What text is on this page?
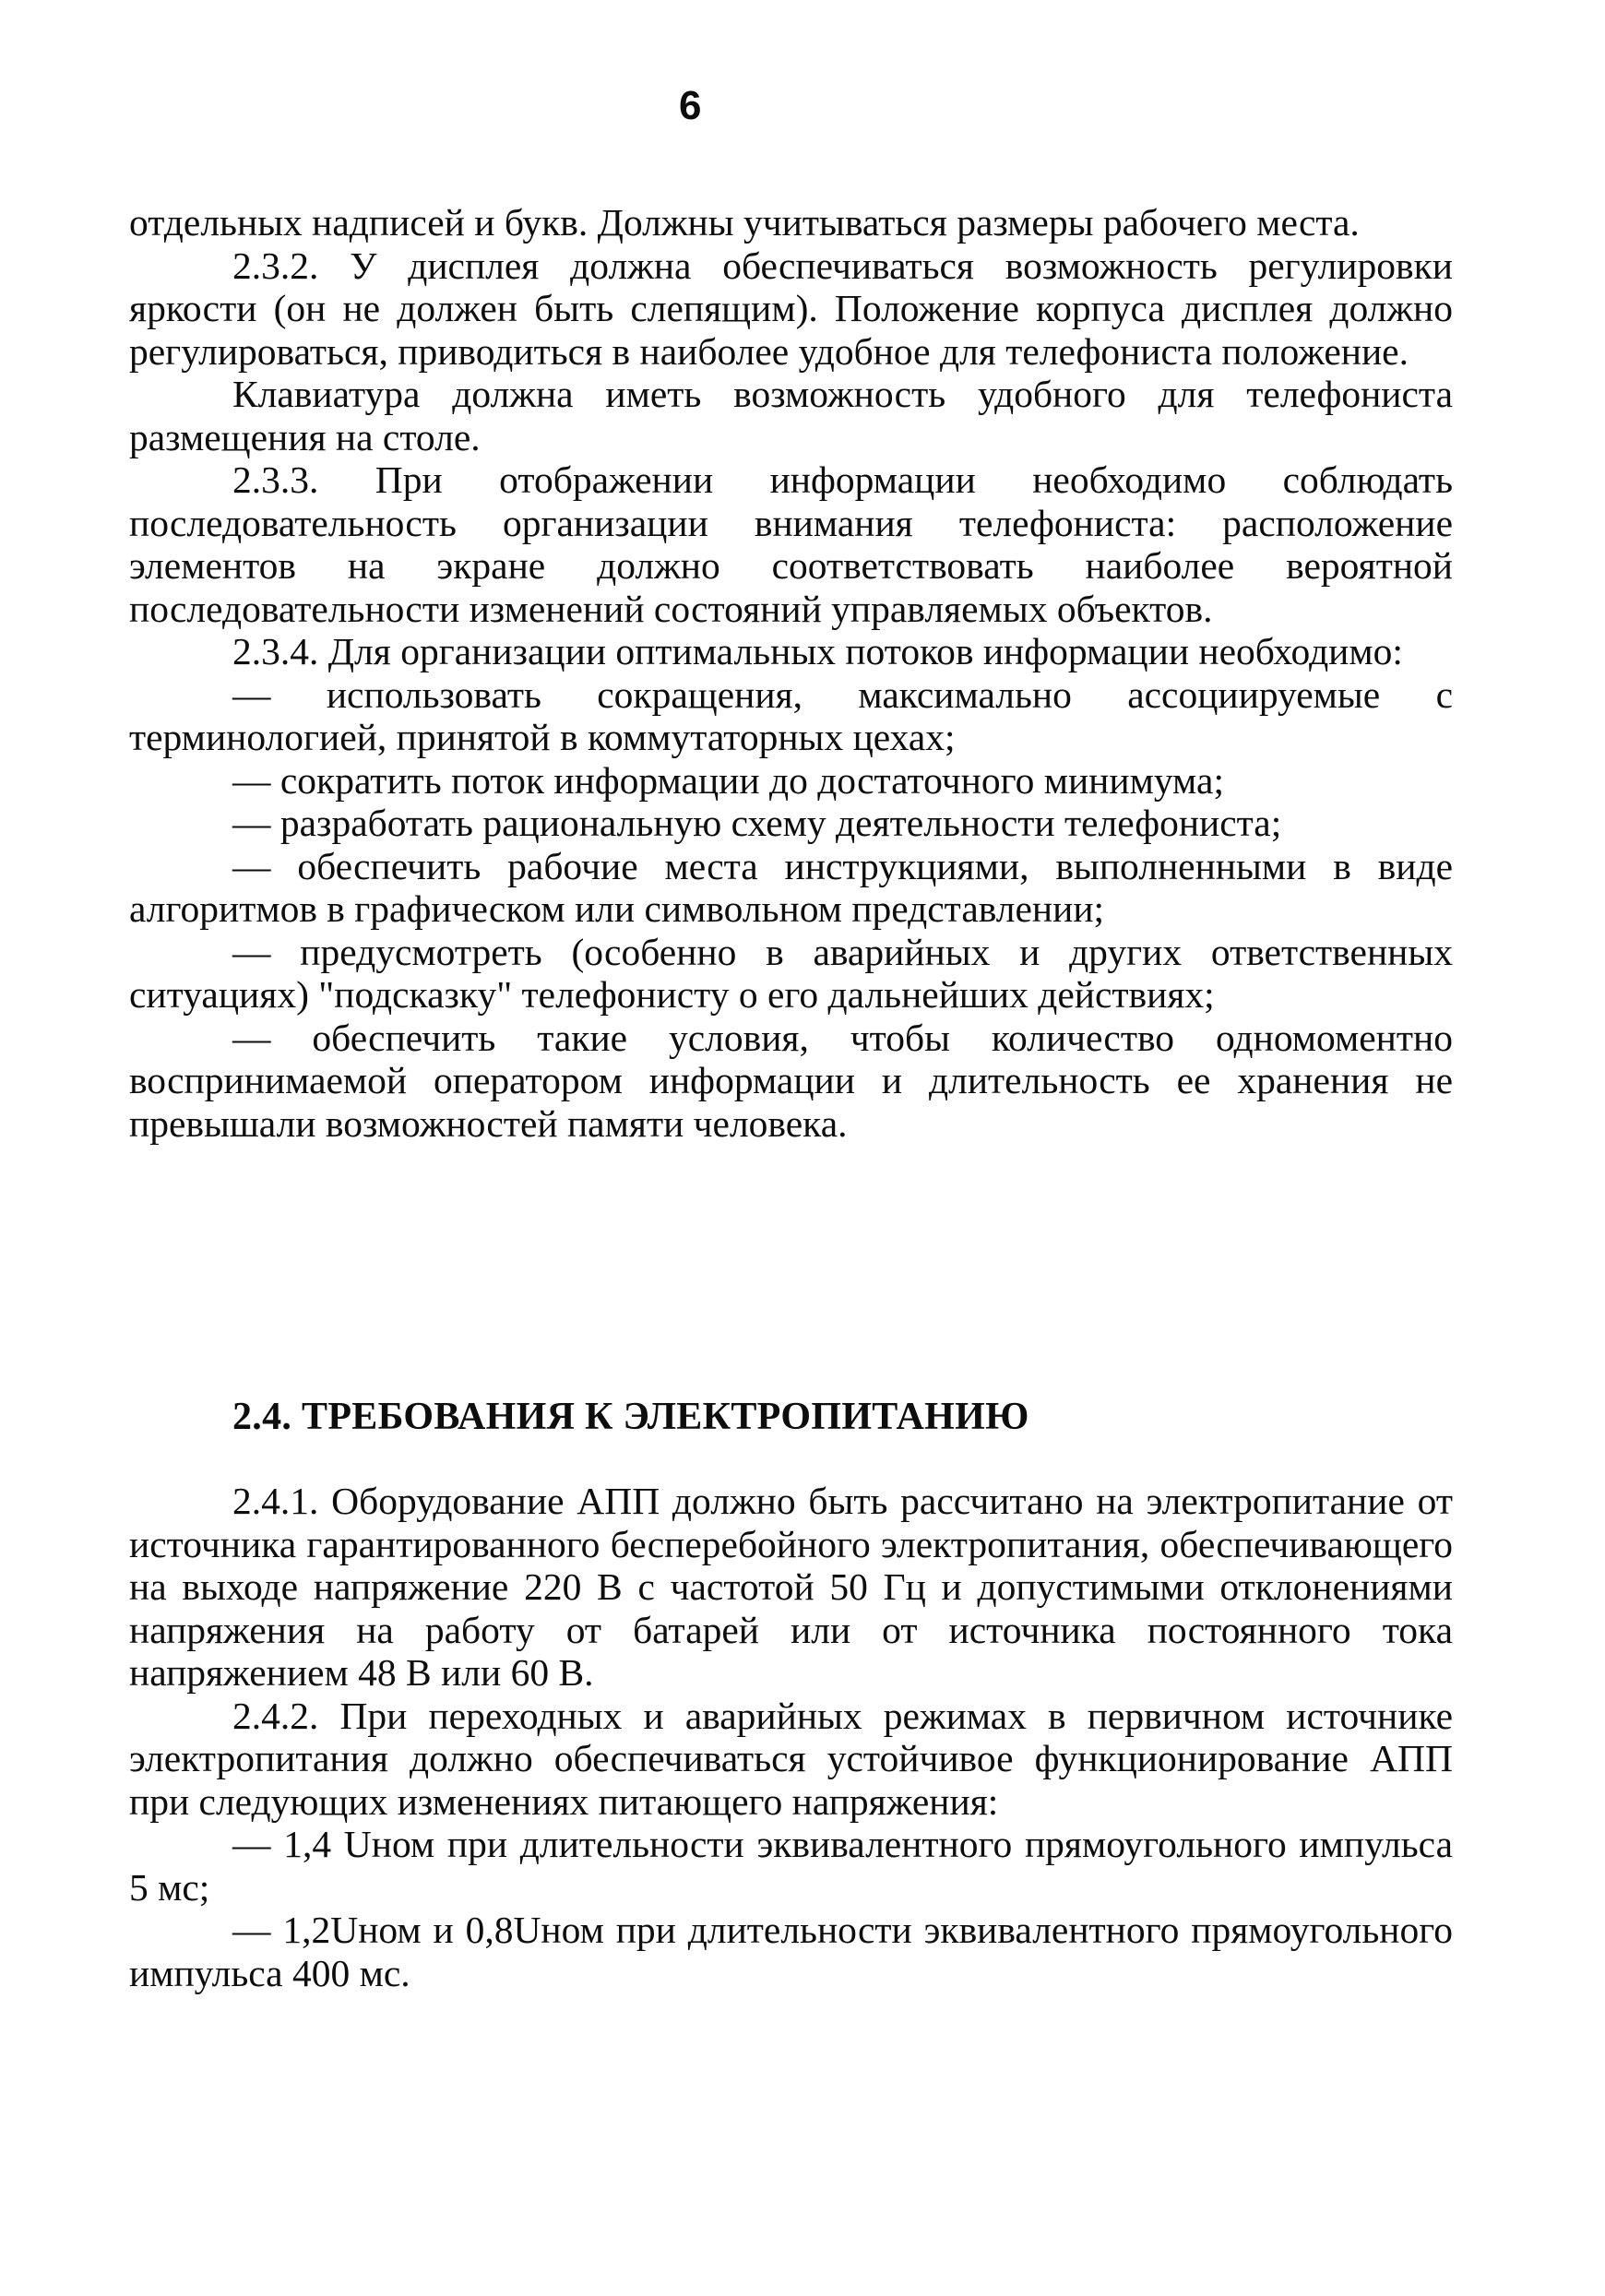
6

отдельных надписей и букв. Должны учитываться размеры рабочего места.

2.3.2. У дисплея должна обеспечиваться возможность регулировки яркости (он не должен быть слепящим). Положение корпуса дисплея должно регулироваться, приводиться в наиболее удобное для телефониста положение.

Клавиатура должна иметь возможность удобного для телефониста размещения на столе.

2.3.3. При отображении информации необходимо соблюдать последовательность организации внимания телефониста: расположение элементов на экране должно соответствовать наиболее вероятной последовательности изменений состояний управляемых объектов.

2.3.4. Для организации оптимальных потоков информации необходимо:

— использовать сокращения, максимально ассоциируемые с терминологией, принятой в коммутаторных цехах;

— сократить поток информации до достаточного минимума;

— разработать рациональную схему деятельности телефониста;

— обеспечить рабочие места инструкциями, выполненными в виде алгоритмов в графическом или символьном представлении;

— предусмотреть (особенно в аварийных и других ответственных ситуациях) "подсказку" телефонисту о его дальнейших действиях;

— обеспечить такие условия, чтобы количество одномоментно воспринимаемой оператором информации и длительность ее хранения не превышали возможностей памяти человека.

2.4. ТРЕБОВАНИЯ К ЭЛЕКТРОПИТАНИЮ

2.4.1. Оборудование АПП должно быть рассчитано на электропитание от источника гарантированного бесперебойного электропитания, обеспечивающего на выходе напряжение 220 В с частотой 50 Гц и допустимыми отклонениями напряжения на работу от батарей или от источника постоянного тока напряжением 48 В или 60 В.

2.4.2. При переходных и аварийных режимах в первичном источнике электропитания должно обеспечиваться устойчивое функционирование АПП при следующих изменениях питающего напряжения:

— 1,4 Uном при длительности эквивалентного прямоугольного импульса 5 мс;

— 1,2Uном и 0,8Uном при длительности эквивалентного прямоугольного импульса 400 мс.
